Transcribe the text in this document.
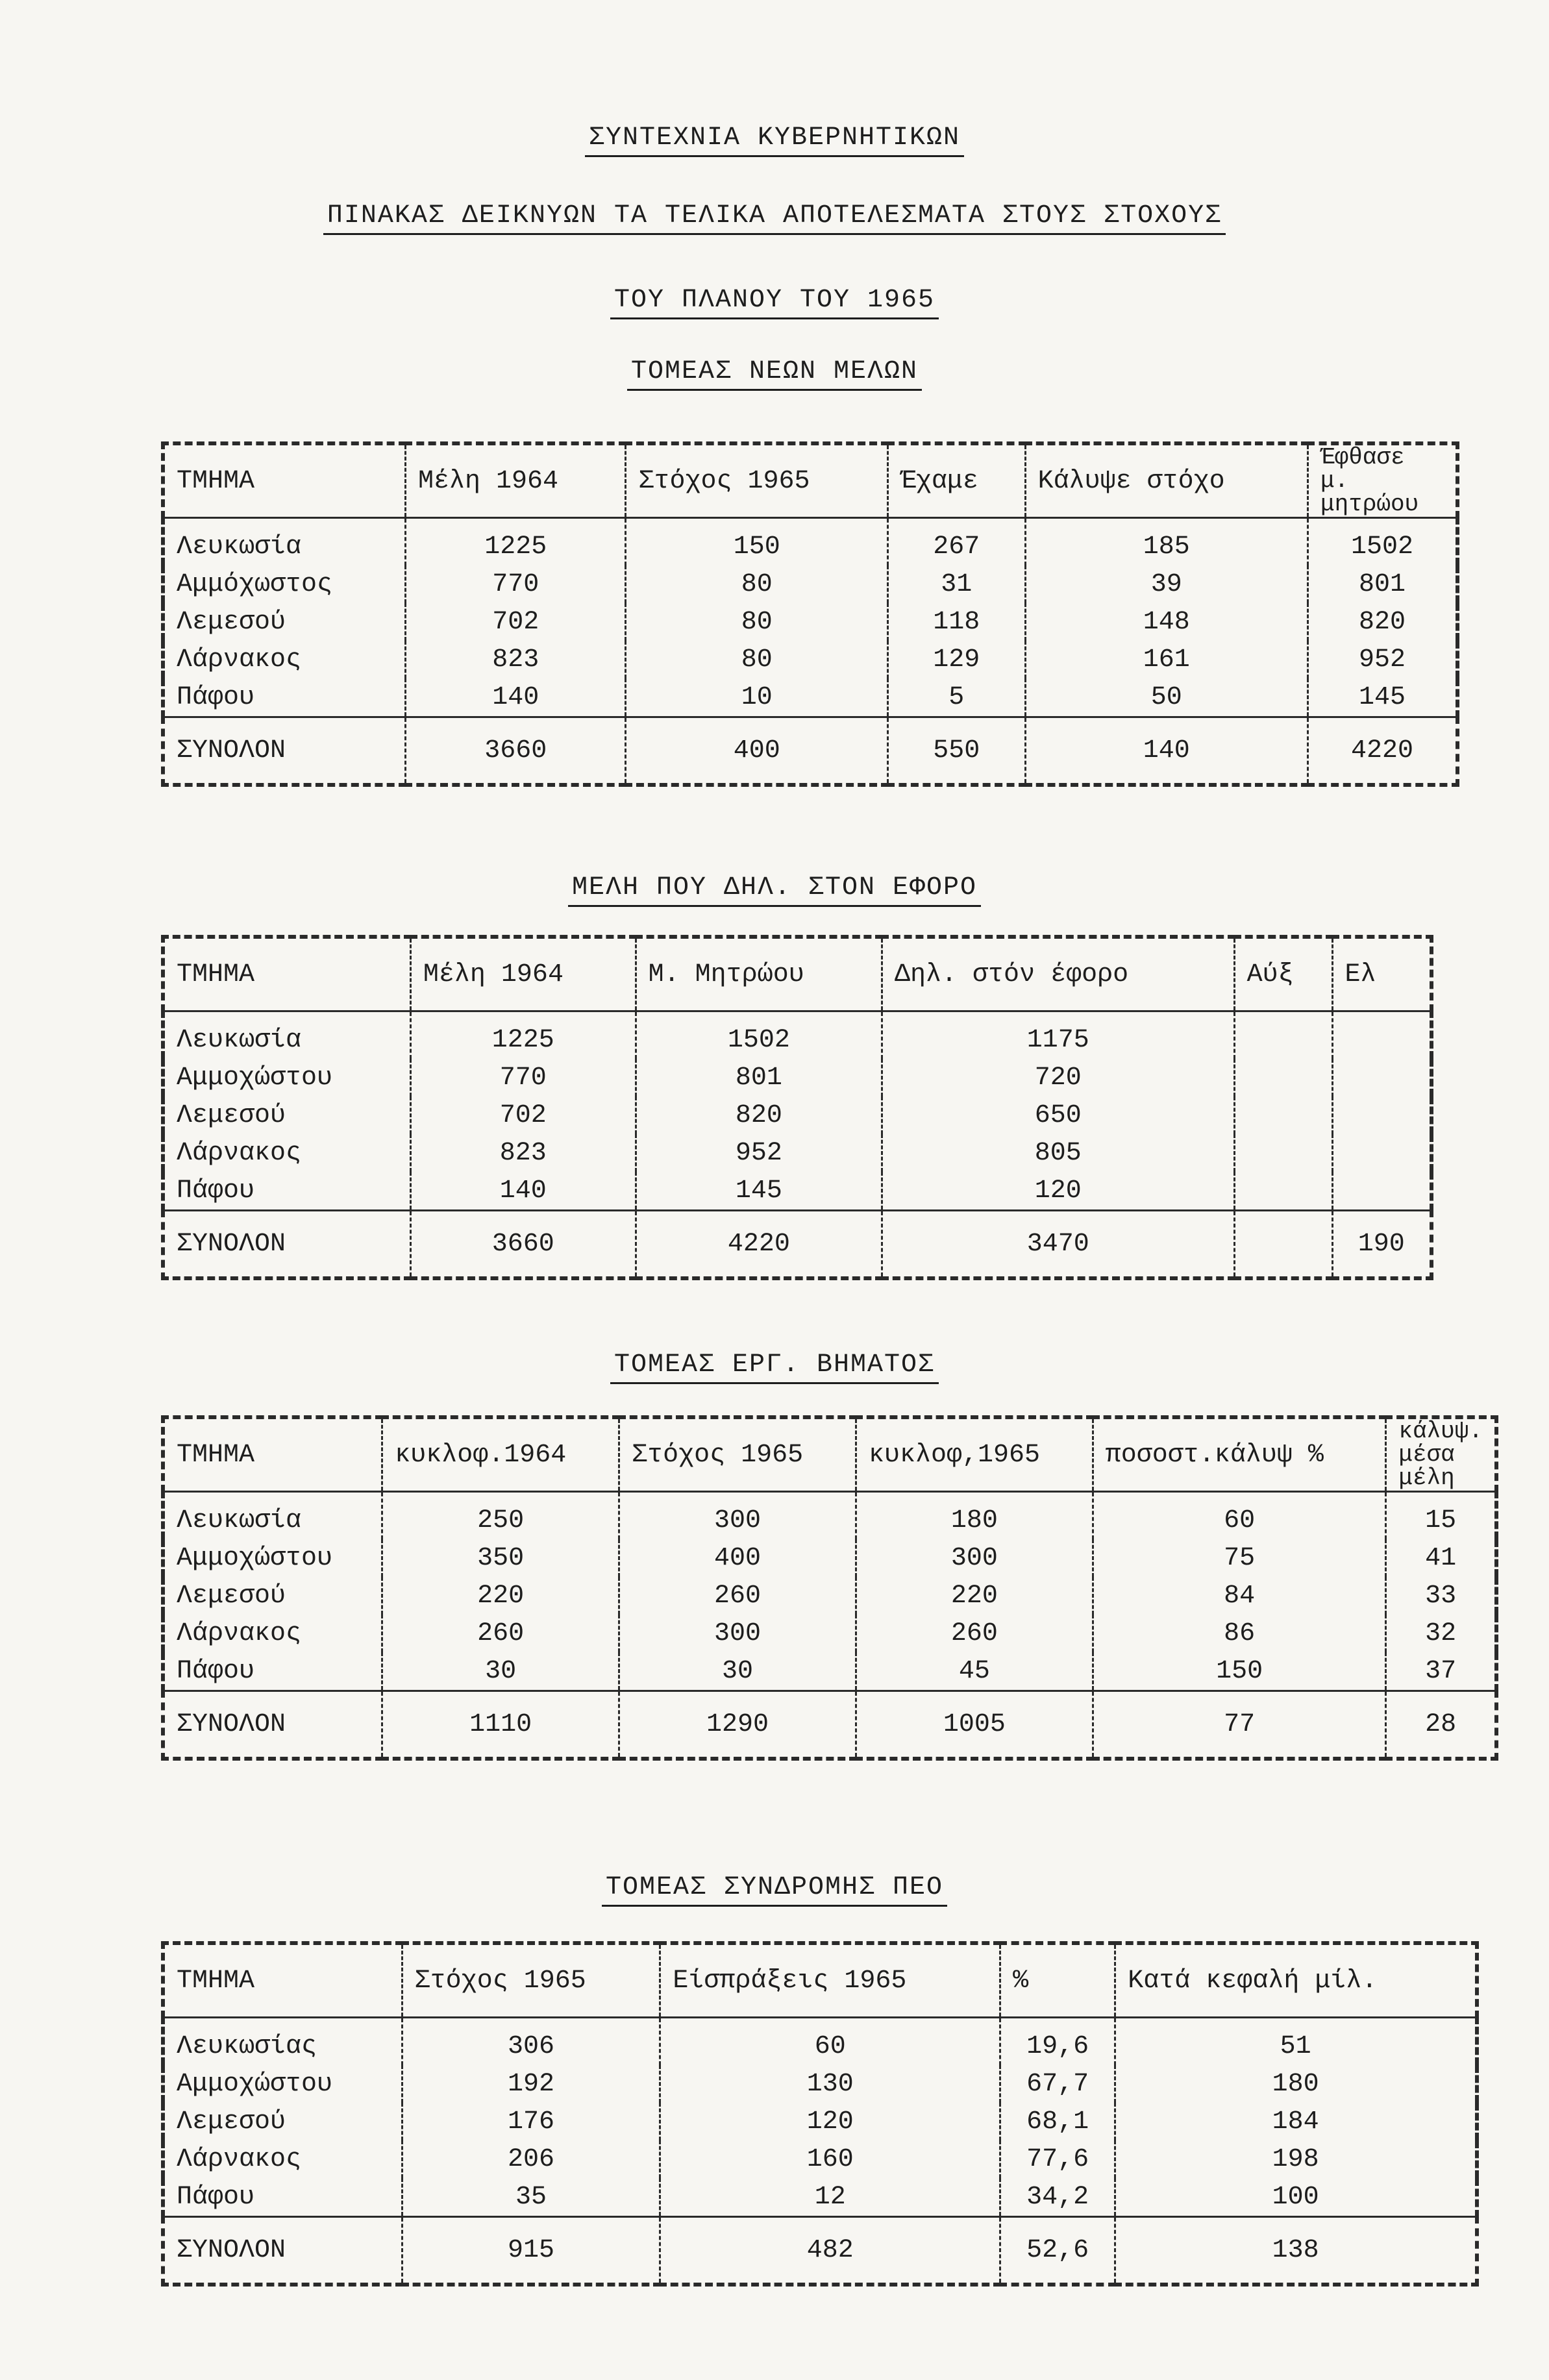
ΣΥΝΤΕΧΝΙΑ ΚΥΒΕΡΝΗΤΙΚΩΝ
ΠΙΝΑΚΑΣ ΔΕΙΚΝΥΩΝ ΤΑ ΤΕΛΙΚΑ ΑΠΟΤΕΛΕΣΜΑΤΑ ΣΤΟΥΣ ΣΤΟΧΟΥΣ
ΤΟΥ ΠΛΑΝΟΥ ΤΟΥ 1965
ΤΟΜΕΑΣ ΝΕΩΝ ΜΕΛΩΝ
ΤΜΗΜΑ	Μέλη 1964	Στόχος 1965	Έχαμε	Κάλυψε στόχο	Έφθασε μ. μητρώου
Λευκωσία	1225	150	267	185	1502
Αμμόχωστος	770	80	31	39	801
Λεμεσού	702	80	118	148	820
Λάρνακος	823	80	129	161	952
Πάφου	140	10	5	50	145
ΣΥΝΟΛΟΝ	3660	400	550	140	4220
ΜΕΛΗ ΠΟΥ ΔΗΛ. ΣΤΟΝ ΕΦΟΡΟ
ΤΜΗΜΑ	Μέλη 1964	Μ. Μητρώου	Δηλ. στόν έφορο	Αύξ	Ελ
Λευκωσία	1225	1502	1175		
Αμμοχώστου	770	801	720		
Λεμεσού	702	820	650		
Λάρνακος	823	952	805		
Πάφου	140	145	120		
ΣΥΝΟΛΟΝ	3660	4220	3470		190
ΤΟΜΕΑΣ ΕΡΓ. ΒΗΜΑΤΟΣ
ΤΜΗΜΑ	κυκλοφ.1964	Στόχος 1965	κυκλοφ,1965	ποσοστ.κάλυψ %	κάλυψ. μέσα μέλη
Λευκωσία	250	300	180	60	15
Αμμοχώστου	350	400	300	75	41
Λεμεσού	220	260	220	84	33
Λάρνακος	260	300	260	86	32
Πάφου	30	30	45	150	37
ΣΥΝΟΛΟΝ	1110	1290	1005	77	28
ΤΟΜΕΑΣ ΣΥΝΔΡΟΜΗΣ ΠΕΟ
ΤΜΗΜΑ	Στόχος 1965	Είσπράξεις 1965	%	Κατά κεφαλή μίλ.
Λευκωσίας	306	60	19,6	51
Αμμοχώστου	192	130	67,7	180
Λεμεσού	176	120	68,1	184
Λάρνακος	206	160	77,6	198
Πάφου	35	12	34,2	100
ΣΥΝΟΛΟΝ	915	482	52,6	138
